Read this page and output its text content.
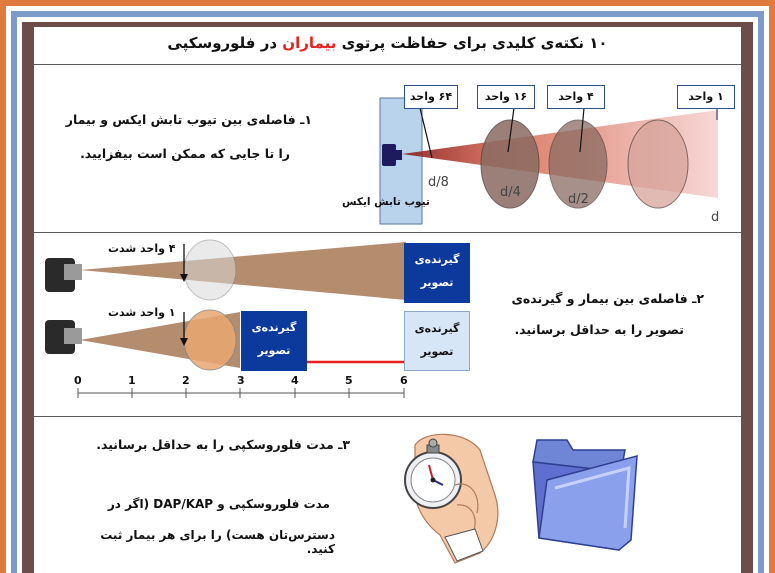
۱۰ نکته‌ی کلیدی برای حفاظت پرتوی بیماران در فلوروسکپی
۱ـ فاصله‌ی بین تیوب تابش ایکس و بیمار
را تا جایی که ممکن است بیفزایید.
۶۴ واحد	۱۶ واحد	۴ واحد	۱ واحد
d/8
d/4	d/2
d
تیوب تابش ایکس
۴ واحد شدت
۱ واحد شدت
گیرنده‌ی
تصویر
گیرنده‌ی
تصویر
گیرنده‌ی
تصویر
0	1	2	3	4	5	6
۲ـ فاصله‌ی بین بیمار و گیرنده‌ی
تصویر را به حداقل برسانید.
۳ـ مدت فلوروسکپی را به حداقل برسانید.
مدت فلوروسکپی و DAP/KAP (اگر در
دسترس‌تان هست) را برای هر بیمار ثبت کنید.
